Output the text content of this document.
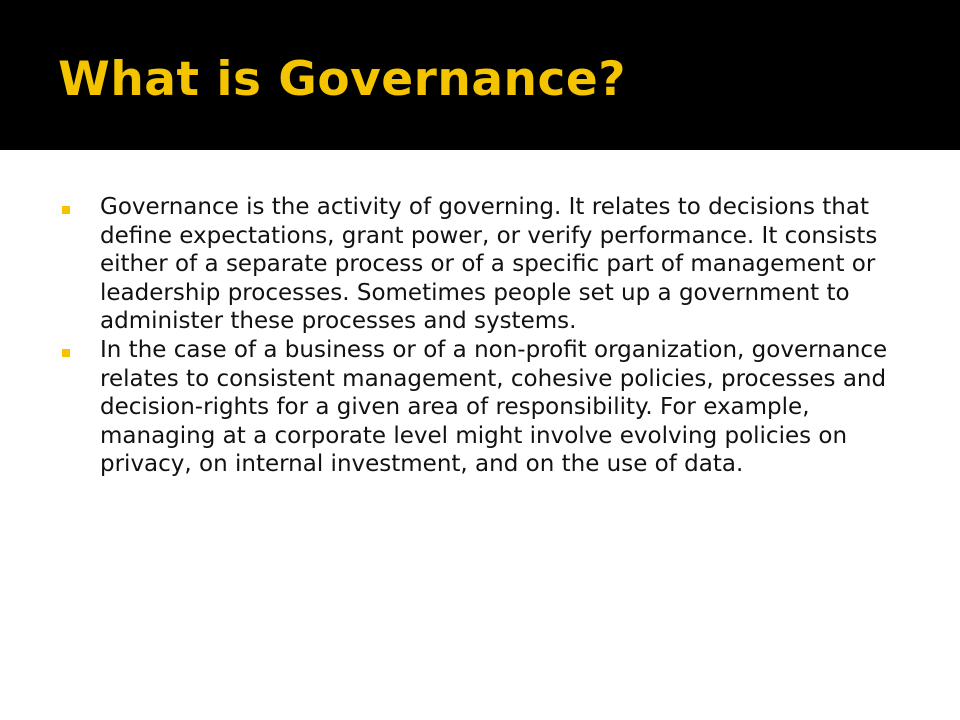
What is Governance?
Governance is the activity of governing. It relates to decisions that define expectations, grant power, or verify performance. It consists either of a separate process or of a specific part of management or leadership processes. Sometimes people set up a government to administer these processes and systems.
In the case of a business or of a non-profit organization, governance relates to consistent management, cohesive policies, processes and decision-rights for a given area of responsibility. For example, managing at a corporate level might involve evolving policies on privacy, on internal investment, and on the use of data.
